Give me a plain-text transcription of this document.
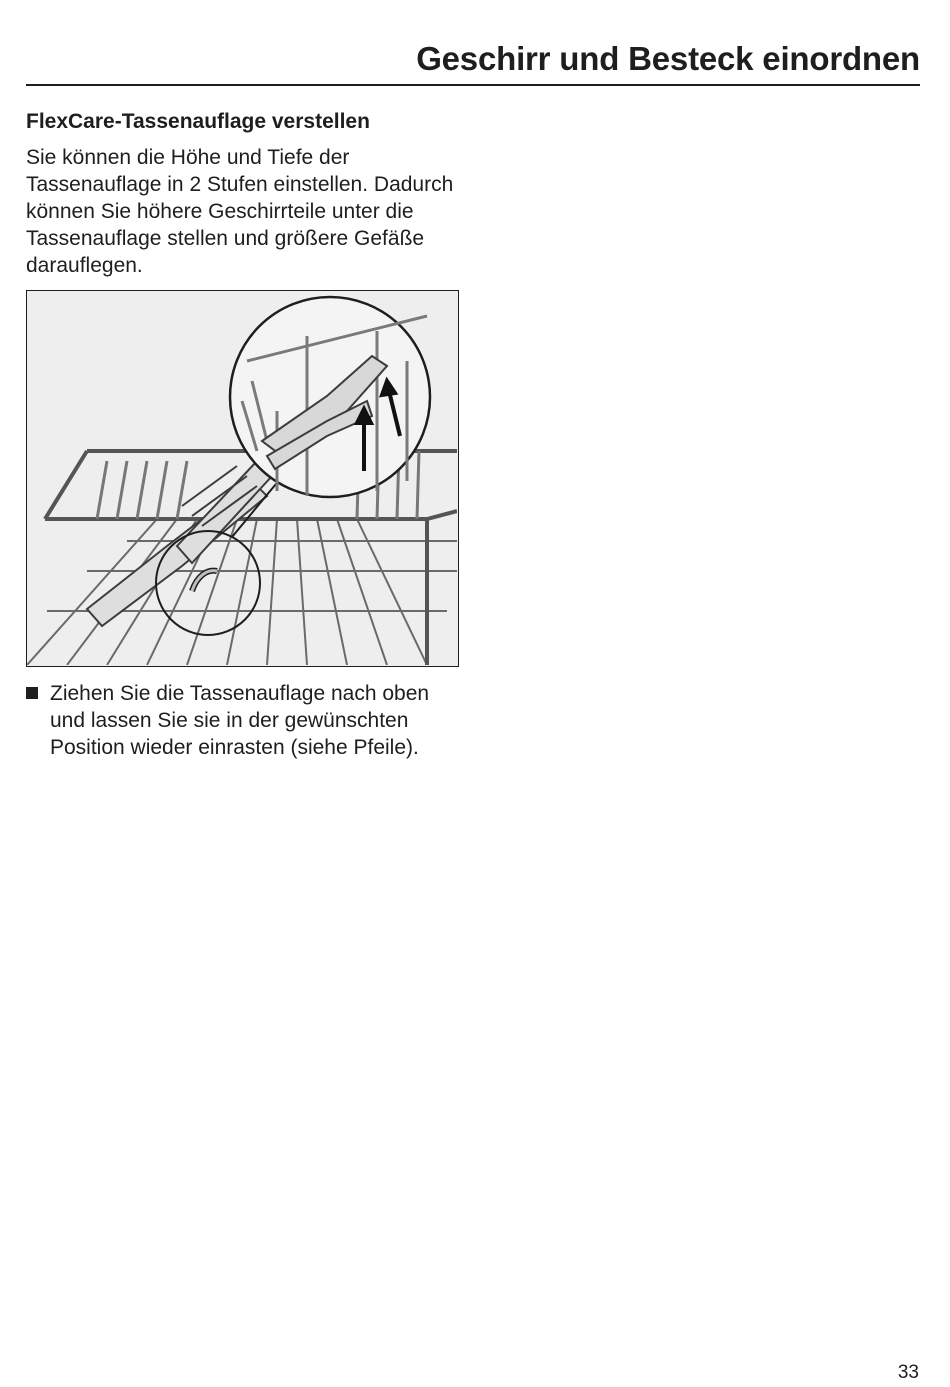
Geschirr und Besteck einordnen
FlexCare-Tassenauflage verstellen

Sie können die Höhe und Tiefe der Tassenauflage in 2 Stufen einstellen. Dadurch können Sie höhere Geschirrteile unter die Tassenauflage stellen und größere Gefäße darauflegen.

Ziehen Sie die Tassenauflage nach oben und lassen Sie sie in der gewünschten Position wieder einrasten (siehe Pfeile).

33
